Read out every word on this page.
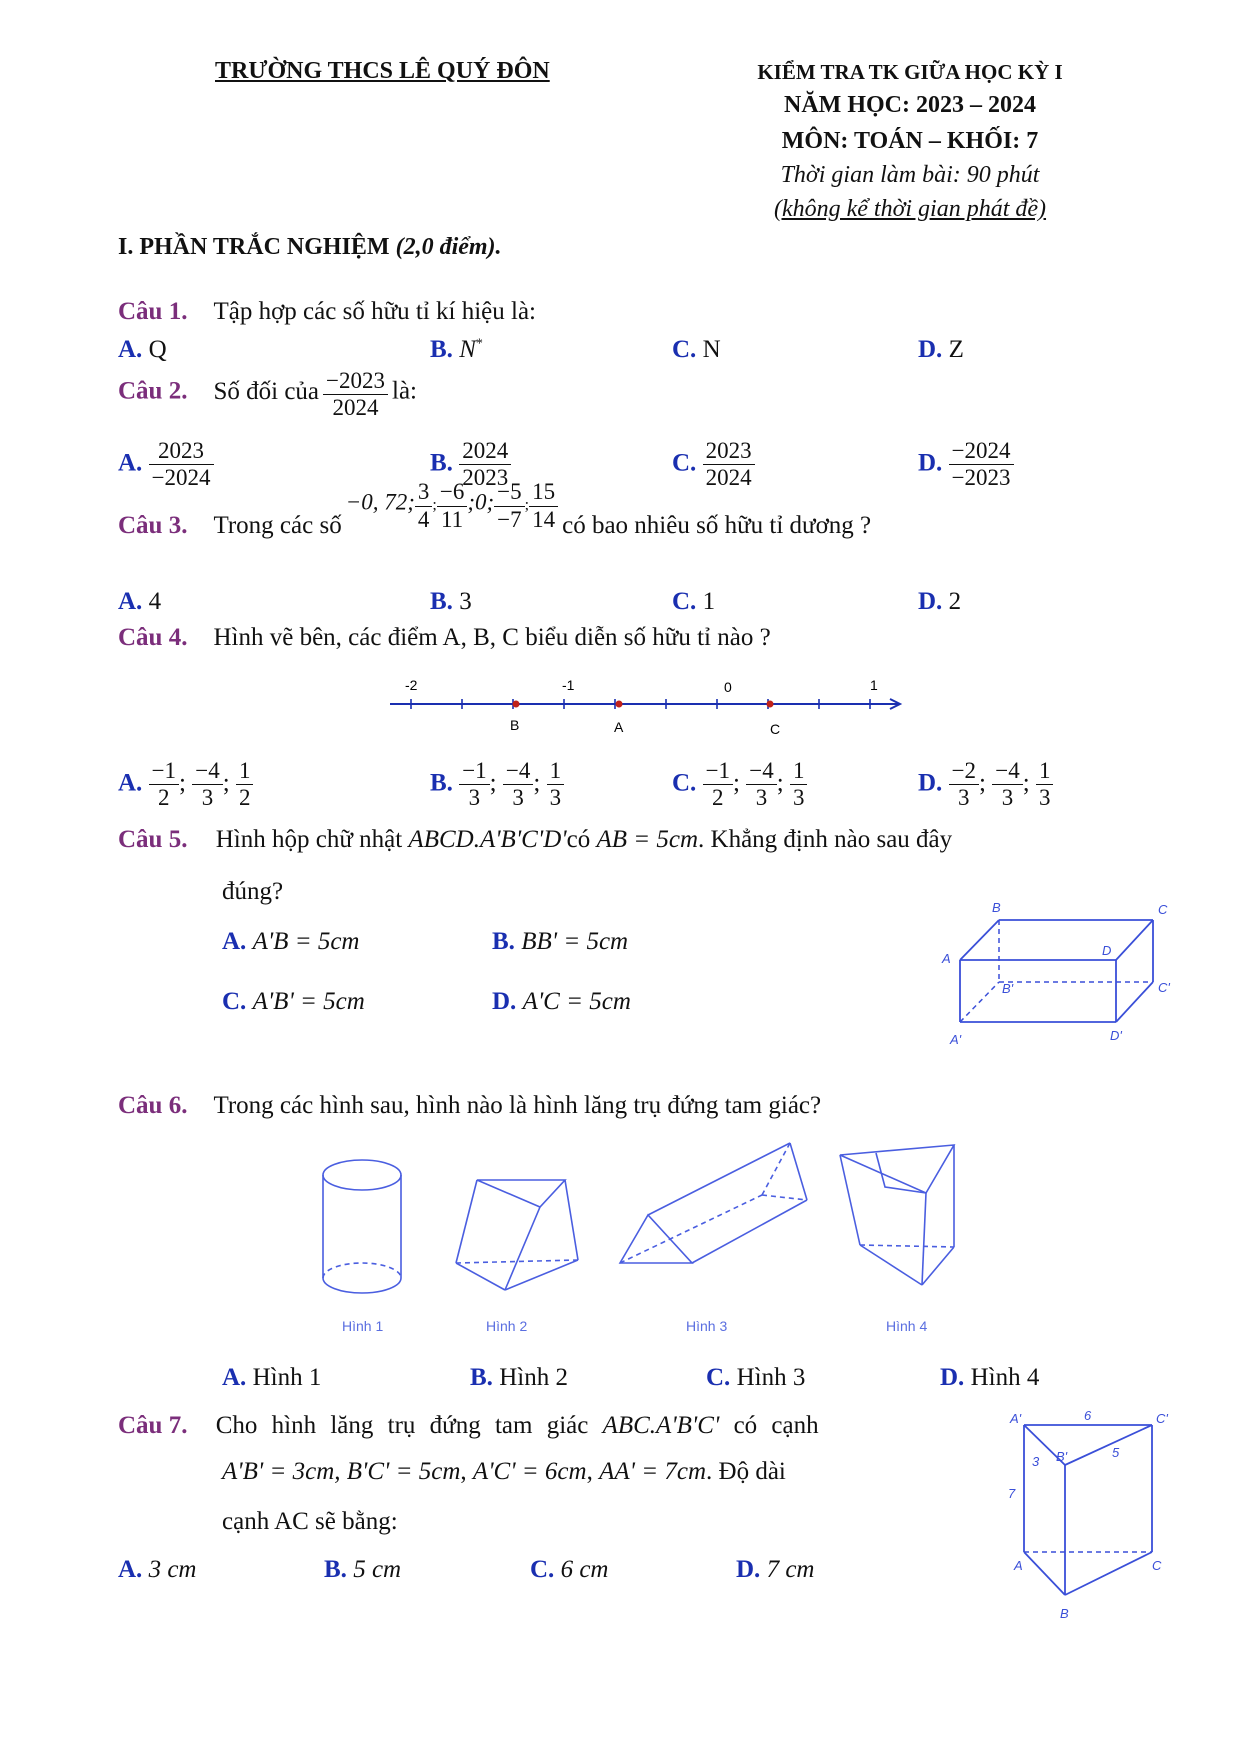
TRƯỜNG THCS LÊ QUÝ ĐÔN	KIỂM TRA TK GIỮA HỌC KỲ I
NĂM HỌC: 2023 – 2024
MÔN: TOÁN – KHỐI: 7
Thời gian làm bài: 90 phút
(không kể thời gian phát đề)
I. PHẦN TRẮC NGHIỆM (2,0 điểm).
Câu 1. Tập hợp các số hữu tỉ kí hiệu là:
A. Q	B. N*	C. N	D. Z
Câu 2. Số đối của $\frac{-2023}{2024}$ là:
A. $\frac{2023}{-2024}$	B. $\frac{2024}{2023}$	C. $\frac{2023}{2024}$	D. $\frac{-2024}{-2023}$
Câu 3. Trong các số −0, 72; $\frac{3}{4}$ ; $\frac{-6}{11}$ ;0; $\frac{-5}{-7}$ ; $\frac{15}{14}$ có bao nhiêu số hữu tỉ dương ?
A. 4	B. 3	C. 1	D. 2
Câu 4. Hình vẽ bên, các điểm A, B, C biểu diễn số hữu tỉ nào ?
-2	-1	0	1
B	A	C
A. $\frac{-1}{2}$ ; $\frac{-4}{3}$ ; $\frac{1}{2}$	B. $\frac{-1}{3}$ ; $\frac{-4}{3}$ ; $\frac{1}{3}$	C. $\frac{-1}{2}$ ; $\frac{-4}{3}$ ; $\frac{1}{3}$	D. $\frac{-2}{3}$ ; $\frac{-4}{3}$ ; $\frac{1}{3}$
Câu 5. Hình hộp chữ nhật ABCD.A'B'C'D'có AB = 5cm. Khẳng định nào sau đây
đúng?
A. A'B = 5cm	B. BB' = 5cm
C. A'B' = 5cm	D. A'C = 5cm
B	C
A
D
B'	C'
A'	D'
Câu 6. Trong các hình sau, hình nào là hình lăng trụ đứng tam giác?
Hình 1	Hình 2	Hình 3	Hình 4
A. Hình 1	B. Hình 2	C. Hình 3	D. Hình 4
Câu 7. Cho hình lăng trụ đứng tam giác ABC.A'B'C' có cạnh
A'B' = 3cm, B'C' = 5cm, A'C' = 6cm, AA' = 7cm. Độ dài
cạnh AC sẽ bằng:
A. 3 cm	B. 5 cm	C. 6 cm	D. 7 cm
A'	6	C'
3 B'	5
7
A	C
B
